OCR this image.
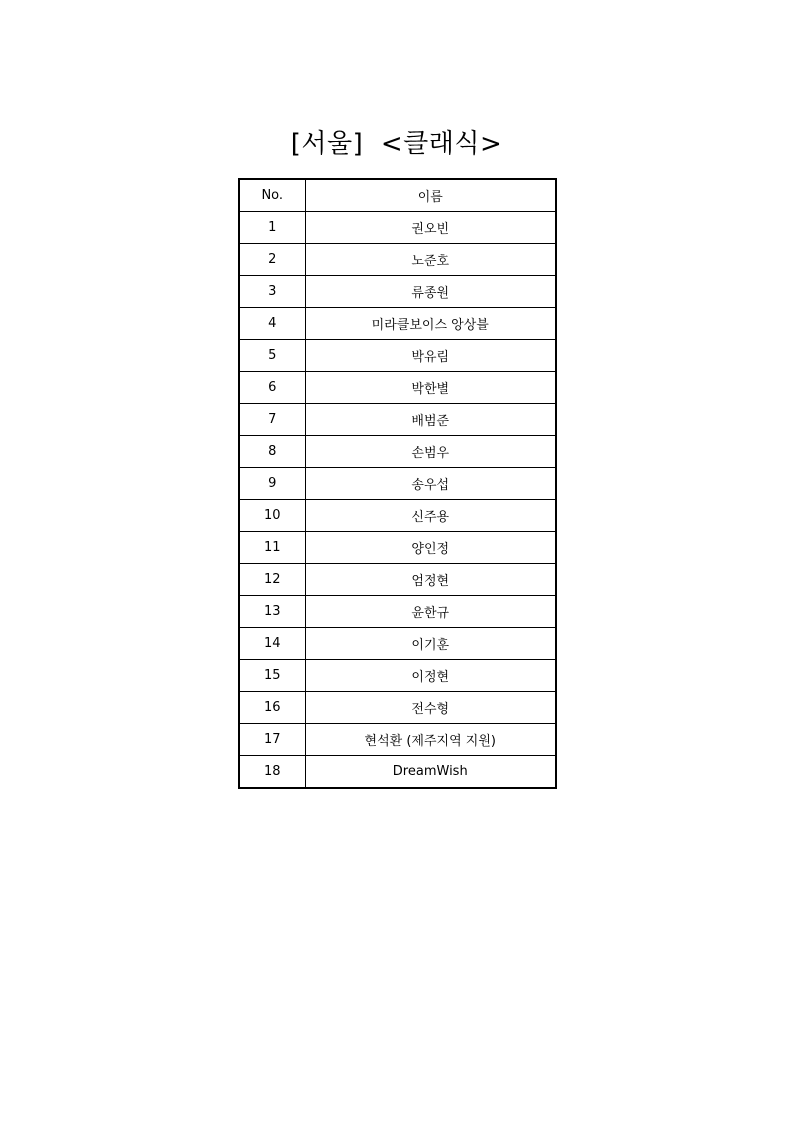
[서울]  <클래식>
No.	이름
1	권오빈
2	노준호
3	류종원
4	미라클보이스 앙상블
5	박유림
6	박한별
7	배범준
8	손범우
9	송우섭
10	신주용
11	양인정
12	엄정현
13	윤한규
14	이기훈
15	이정현
16	전수형
17	현석환 (제주지역 지원)
18	DreamWish
